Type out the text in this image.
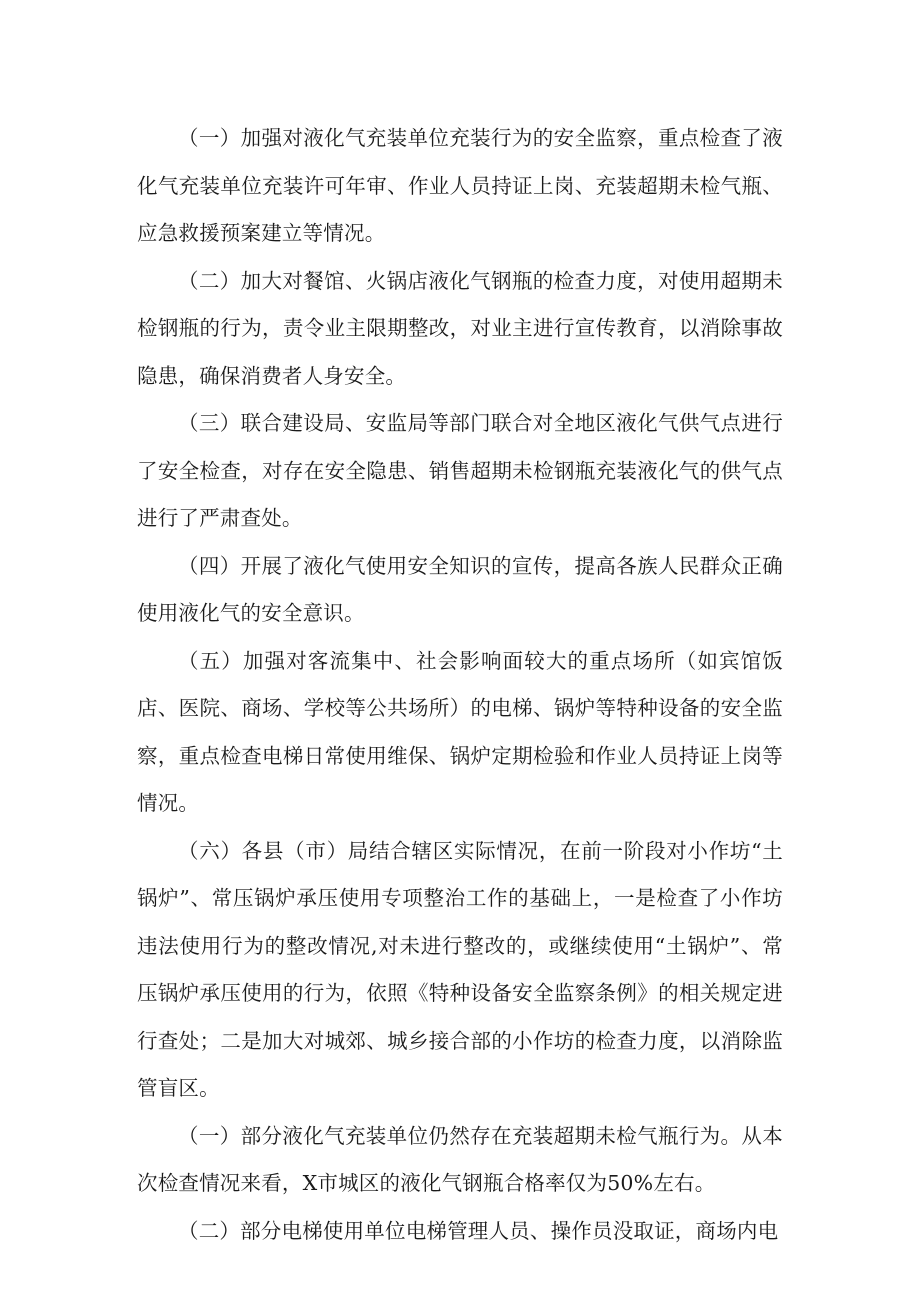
（一）加强对液化气充装单位充装行为的安全监察，重点检查了液化气充装单位充装许可年审、作业人员持证上岗、充装超期未检气瓶、应急救援预案建立等情况。

（二）加大对餐馆、火锅店液化气钢瓶的检查力度，对使用超期未检钢瓶的行为，责令业主限期整改，对业主进行宣传教育，以消除事故隐患，确保消费者人身安全。

（三）联合建设局、安监局等部门联合对全地区液化气供气点进行了安全检查，对存在安全隐患、销售超期未检钢瓶充装液化气的供气点进行了严肃查处。

（四）开展了液化气使用安全知识的宣传，提高各族人民群众正确使用液化气的安全意识。

（五）加强对客流集中、社会影响面较大的重点场所（如宾馆饭店、医院、商场、学校等公共场所）的电梯、锅炉等特种设备的安全监察，重点检查电梯日常使用维保、锅炉定期检验和作业人员持证上岗等情况。

（六）各县（市）局结合辖区实际情况，在前一阶段对小作坊“土锅炉”、常压锅炉承压使用专项整治工作的基础上，一是检查了小作坊违法使用行为的整改情况,对未进行整改的，或继续使用“土锅炉”、常压锅炉承压使用的行为，依照《特种设备安全监察条例》的相关规定进行查处；二是加大对城郊、城乡接合部的小作坊的检查力度，以消除监管盲区。

（一）部分液化气充装单位仍然存在充装超期未检气瓶行为。从本次检查情况来看，X市城区的液化气钢瓶合格率仅为50%左右。

（二）部分电梯使用单位电梯管理人员、操作员没取证，商场内电
